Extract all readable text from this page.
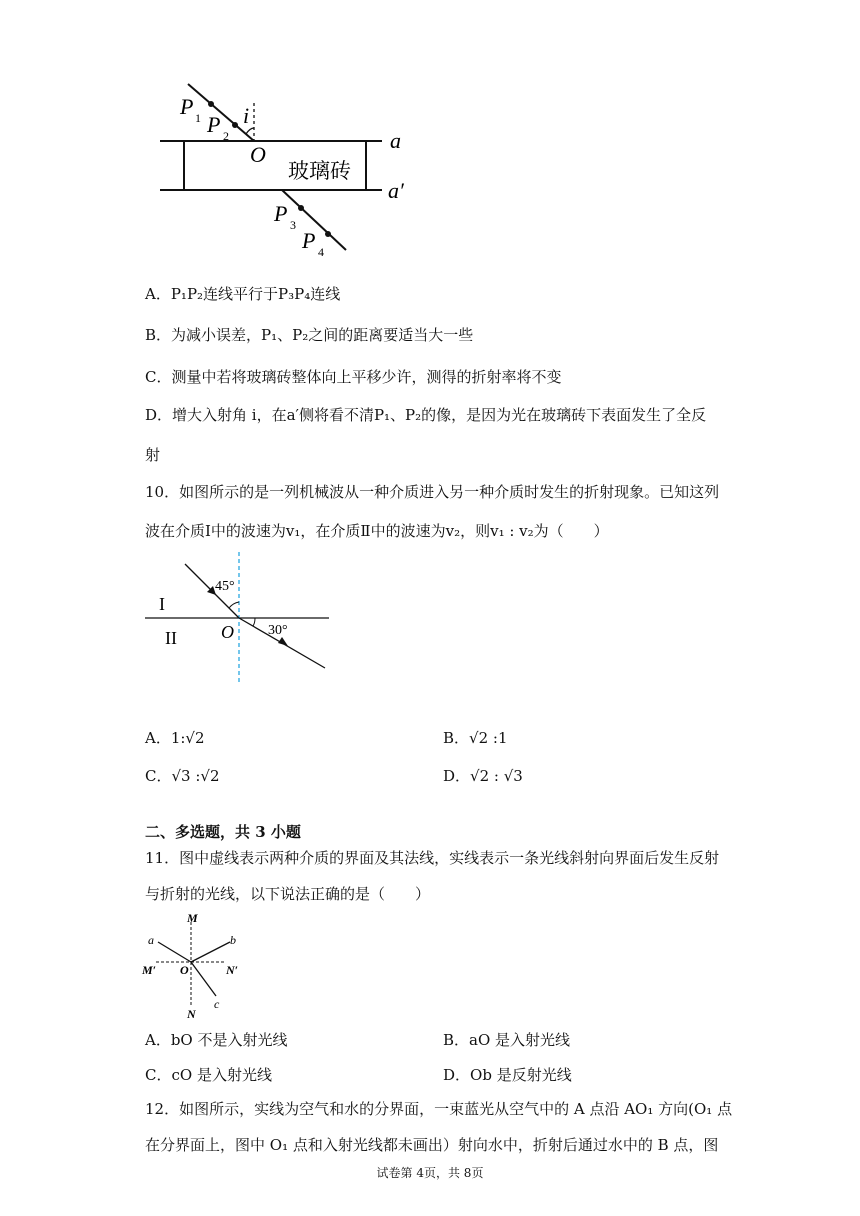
P 1 P 2
i
O
玻璃砖
a
a′
P 3
P 4
A．P₁P₂连线平行于P₃P₄连线
B．为减小误差，P₁、P₂之间的距离要适当大一些
C．测量中若将玻璃砖整体向上平移少许，测得的折射率将不变
D．增大入射角 i，在a′侧将看不清P₁、P₂的像，是因为光在玻璃砖下表面发生了全反
射
10．如图所示的是一列机械波从一种介质进入另一种介质时发生的折射现象。已知这列
波在介质Ⅰ中的波速为v₁，在介质Ⅱ中的波速为v₂，则v₁ : v₂为（　　）
45°
30°
I
II O
A．1:√2	B．√2 :1
C．√3 :√2	D．√2 : √3
二、多选题，共 3 小题
11．图中虚线表示两种介质的界面及其法线，实线表示一条光线斜射向界面后发生反射
与折射的光线，以下说法正确的是（　　）
M
N
M′	N′
O
a	b
c
A．bO 不是入射光线	B．aO 是入射光线
C．cO 是入射光线	D．Ob 是反射光线
12．如图所示，实线为空气和水的分界面，一束蓝光从空气中的 A 点沿 AO₁ 方向(O₁ 点
在分界面上，图中 O₁ 点和入射光线都未画出）射向水中，折射后通过水中的 B 点，图
试卷第 4页，共 8页
